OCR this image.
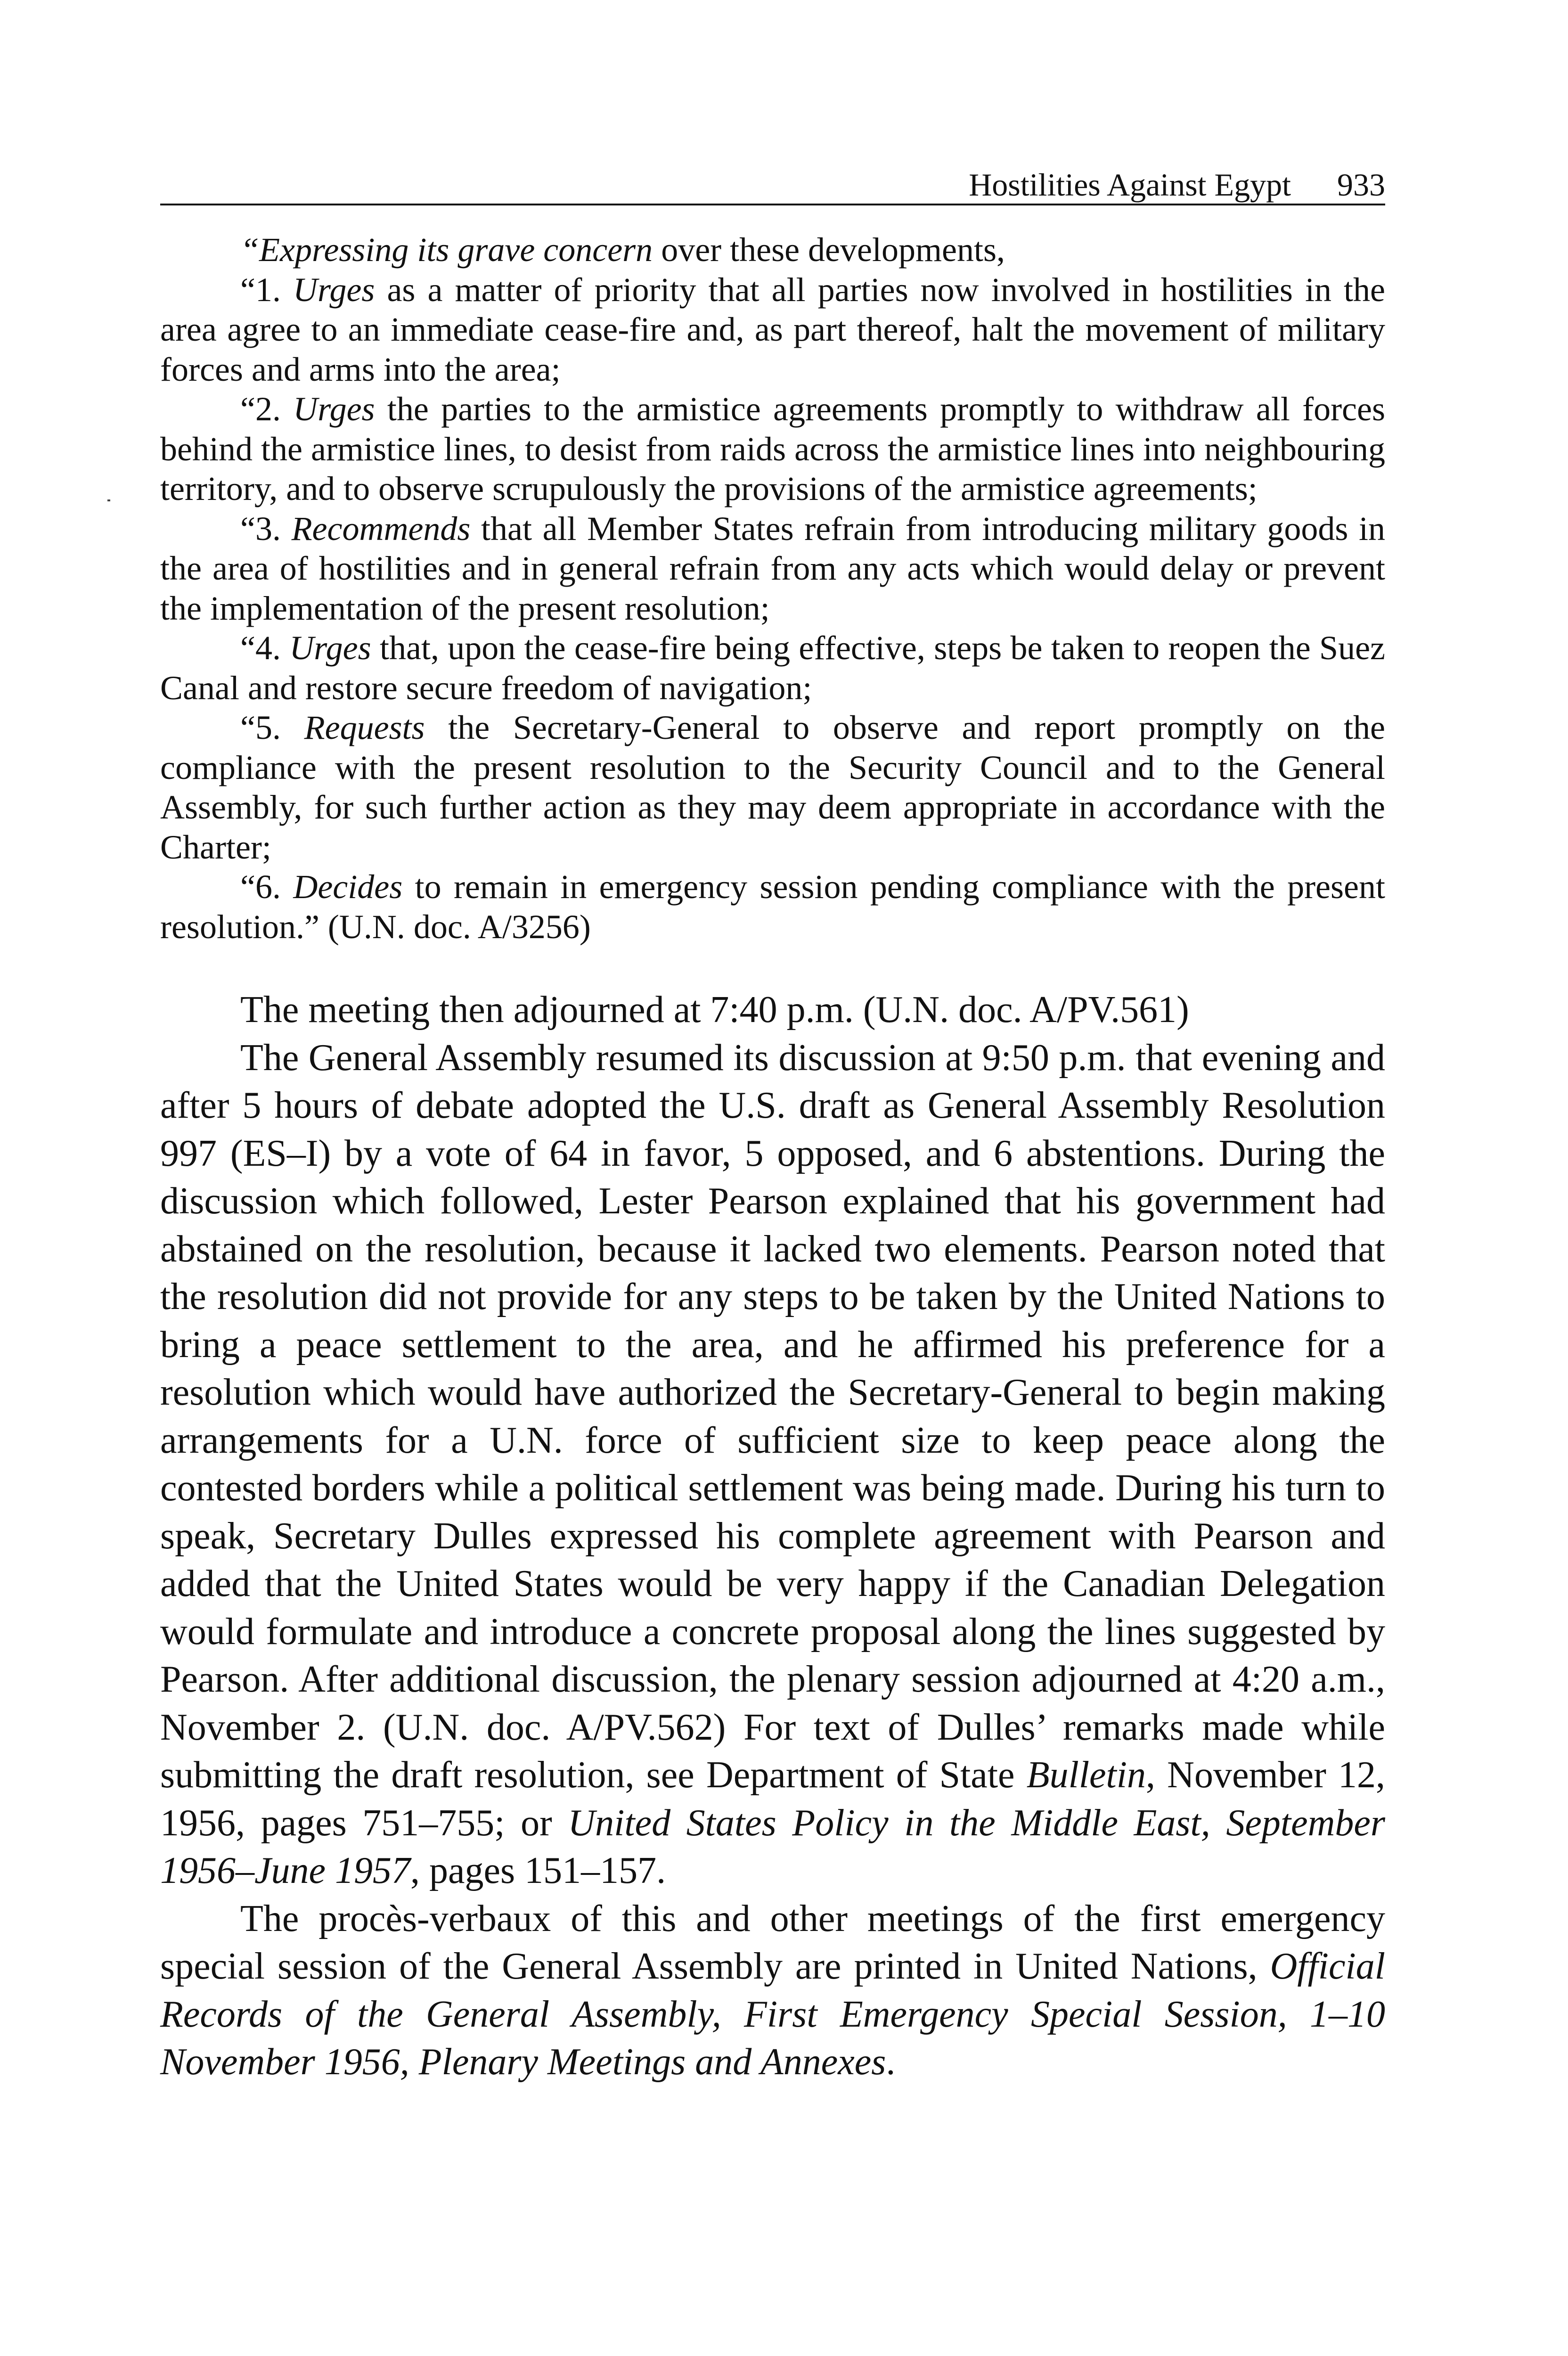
Hostilities Against Egypt 933

“Expressing its grave concern over these developments,

“1. Urges as a matter of priority that all parties now involved in hostilities in the area agree to an immediate cease-fire and, as part thereof, halt the movement of military forces and arms into the area;

“2. Urges the parties to the armistice agreements promptly to withdraw all forces behind the armistice lines, to desist from raids across the armistice lines into neighbouring territory, and to observe scrupulously the provisions of the armistice agreements;

“3. Recommends that all Member States refrain from introducing military goods in the area of hostilities and in general refrain from any acts which would delay or prevent the implementation of the present resolution;

“4. Urges that, upon the cease-fire being effective, steps be taken to reopen the Suez Canal and restore secure freedom of navigation;

“5. Requests the Secretary-General to observe and report promptly on the compliance with the present resolution to the Security Council and to the General Assembly, for such further action as they may deem appropriate in accordance with the Charter;

“6. Decides to remain in emergency session pending compliance with the present resolution.” (U.N. doc. A/3256)

The meeting then adjourned at 7:40 p.m. (U.N. doc. A/PV.561)

The General Assembly resumed its discussion at 9:50 p.m. that evening and after 5 hours of debate adopted the U.S. draft as General Assembly Resolution 997 (ES–I) by a vote of 64 in favor, 5 opposed, and 6 abstentions. During the discussion which followed, Lester Pearson explained that his government had abstained on the resolution, because it lacked two elements. Pearson noted that the resolution did not provide for any steps to be taken by the United Nations to bring a peace settlement to the area, and he affirmed his preference for a resolution which would have authorized the Secretary-General to begin making arrangements for a U.N. force of sufficient size to keep peace along the contested borders while a political settlement was being made. During his turn to speak, Secretary Dulles expressed his complete agreement with Pearson and added that the United States would be very happy if the Canadian Delegation would formulate and introduce a concrete proposal along the lines suggested by Pearson. After additional discussion, the plenary session adjourned at 4:20 a.m., November 2. (U.N. doc. A/PV.562) For text of Dulles’ remarks made while submitting the draft resolution, see Department of State Bulletin, November 12, 1956, pages 751–755; or United States Policy in the Middle East, September 1956–June 1957, pages 151–157.

The procès-verbaux of this and other meetings of the first emergency special session of the General Assembly are printed in United Nations, Official Records of the General Assembly, First Emergency Special Session, 1–10 November 1956, Plenary Meetings and Annexes.
